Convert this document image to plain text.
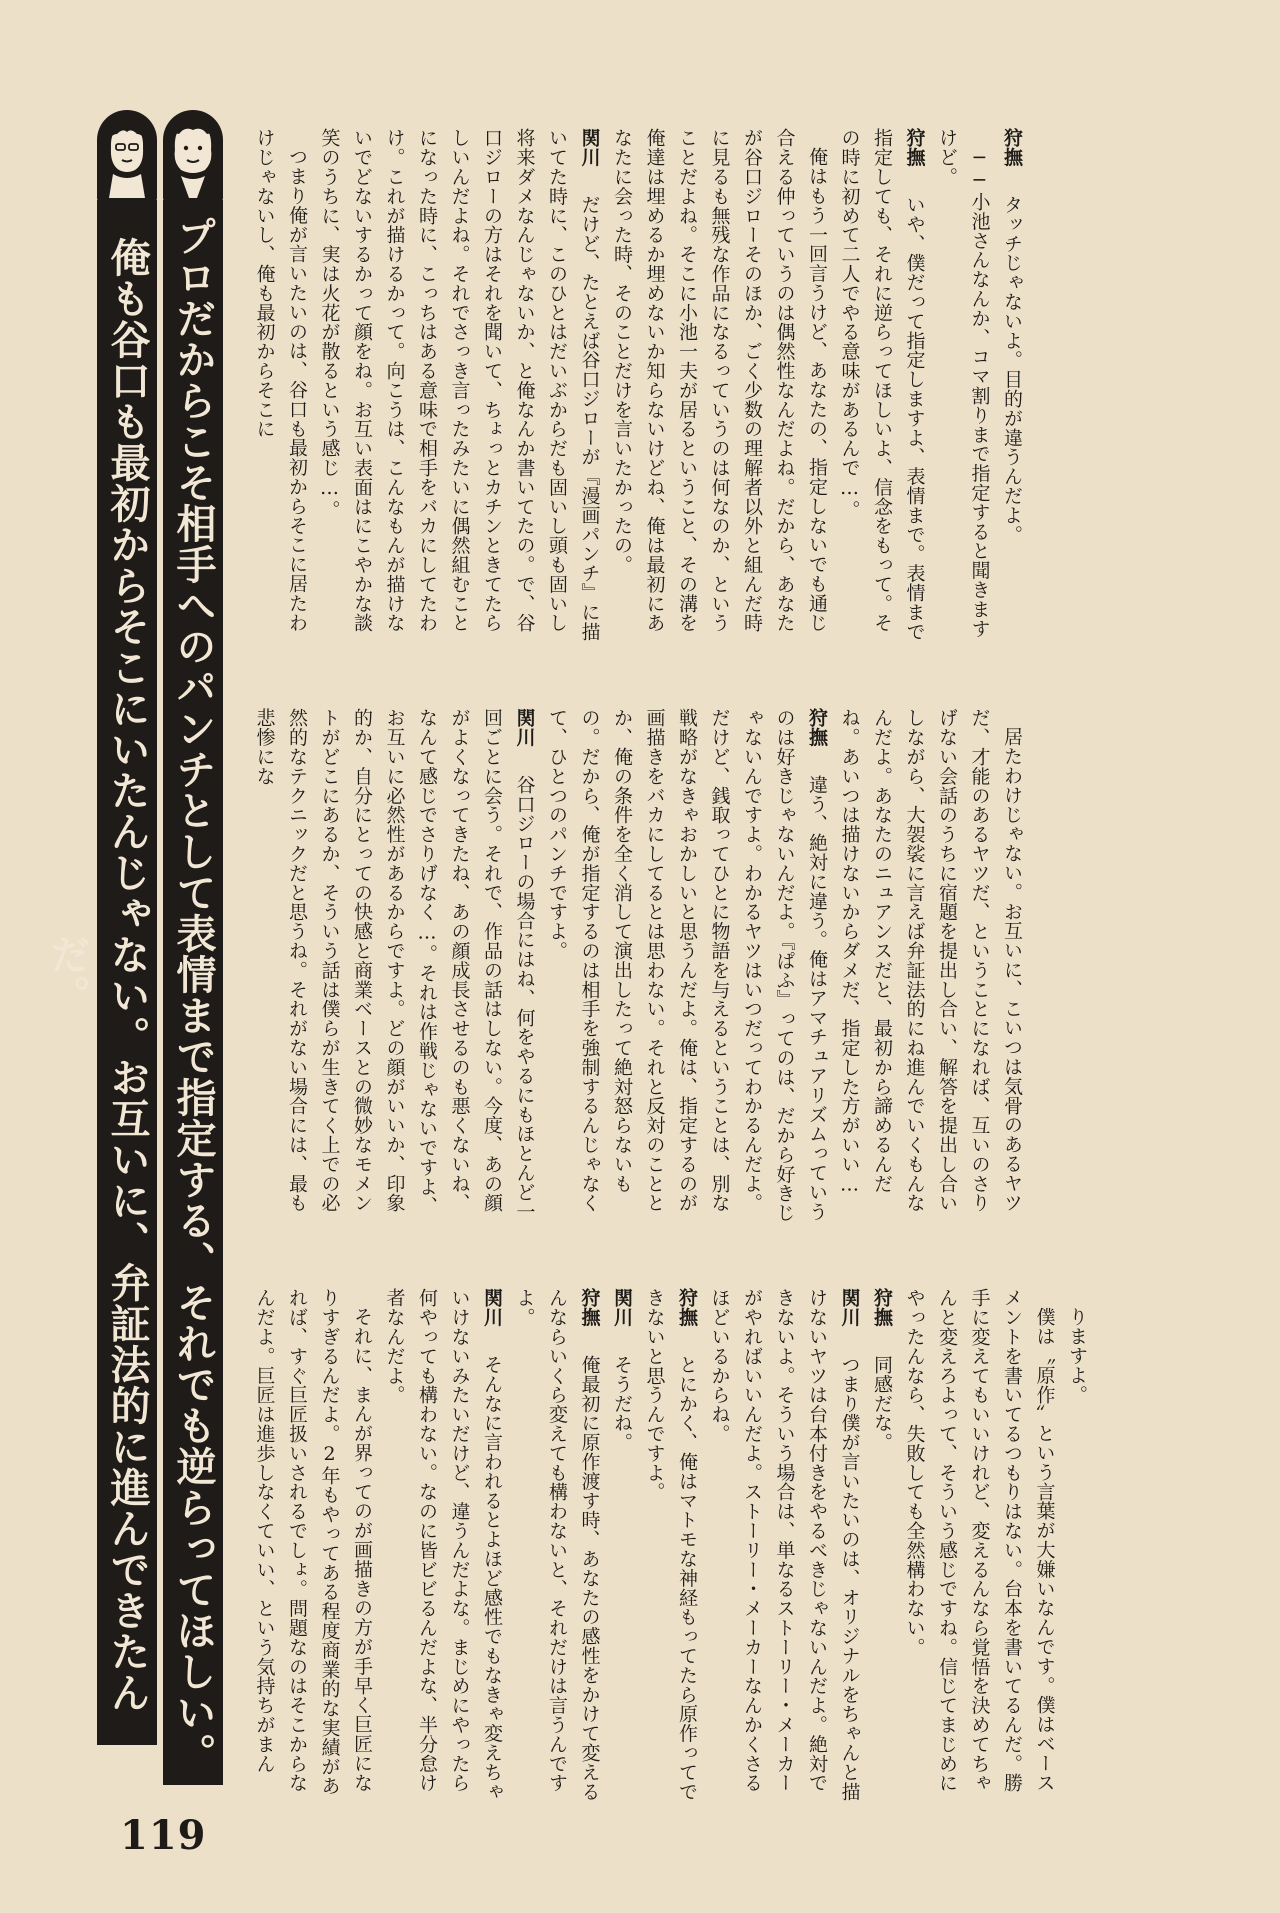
狩撫　タッチじゃないよ。目的が違うんだよ。

──小池さんなんか、コマ割りまで指定すると聞きますけど。

狩撫　いや、僕だって指定しますよ、表情まで。表情まで指定しても、それに逆らってほしいよ、信念をもって。その時に初めて二人でやる意味があるんで…。

俺はもう一回言うけど、あなたの、指定しないでも通じ合える仲っていうのは偶然性なんだよね。だから、あなたが谷口ジローそのほか、ごく少数の理解者以外と組んだ時に見るも無残な作品になるっていうのは何なのか、ということだよね。そこに小池一夫が居るということ、その溝を俺達は埋めるか埋めないか知らないけどね、俺は最初にあなたに会った時、そのことだけを言いたかったの。

関川　だけど、たとえば谷口ジローが『漫画パンチ』に描いてた時に、このひとはだいぶからだも固いし頭も固いし将来ダメなんじゃないか、と俺なんか書いてたの。で、谷口ジローの方はそれを聞いて、ちょっとカチンときてたらしいんだよね。それでさっき言ったみたいに偶然組むことになった時に、こっちはある意味で相手をバカにしてたわけ。これが描けるかって。向こうは、こんなもんが描けないでどないするかって顔をね。お互い表面はにこやかな談笑のうちに、実は火花が散るという感じ…。

つまり俺が言いたいのは、谷口も最初からそこに居たわけじゃないし、俺も最初からそこに

居たわけじゃない。お互いに、こいつは気骨のあるヤツだ、才能のあるヤツだ、ということになれば、互いのさりげない会話のうちに宿題を提出し合い、解答を提出し合いしながら、大袈裟に言えば弁証法的にね進んでいくもんなんだよ。あなたのニュアンスだと、最初から諦めるんだね。あいつは描けないからダメだ、指定した方がいい…

狩撫　違う、絶対に違う。俺はアマチュアリズムっていうのは好きじゃないんだよ。『ぱふ』ってのは、だから好きじゃないんですよ。わかるヤツはいつだってわかるんだよ。だけど、銭取ってひとに物語を与えるということは、別な戦略がなきゃおかしいと思うんだよ。俺は、指定するのが画描きをバカにしてるとは思わない。それと反対のこととか、俺の条件を全く消して演出したって絶対怒らないもの。だから、俺が指定するのは相手を強制するんじゃなくて、ひとつのパンチですよ。

関川　谷口ジローの場合にはね、何をやるにもほとんど一回ごとに会う。それで、作品の話はしない。今度、あの顔がよくなってきたね、あの顔成長させるのも悪くないね、なんて感じでさりげなく…。それは作戦じゃないですよ、お互いに必然性があるからですよ。どの顔がいいか、印象的か、自分にとっての快感と商業ベースとの微妙なモメントがどこにあるか、そういう話は僕らが生きてく上での必然的なテクニックだと思うね。それがない場合には、最も悲惨にな

りますよ。

僕は〝原作〟という言葉が大嫌いなんです。僕はベースメントを書いてるつもりはない。台本を書いてるんだ。勝手に変えてもいいけれど、変えるんなら覚悟を決めてちゃんと変えろよって、そういう感じですね。信じてまじめにやったんなら、失敗しても全然構わない。

狩撫　同感だな。

関川　つまり僕が言いたいのは、オリジナルをちゃんと描けないヤツは台本付きをやるべきじゃないんだよ。絶対できないよ。そういう場合は、単なるストーリー・メーカーがやればいいんだよ。ストーリー・メーカーなんかくさるほどいるからね。

狩撫　とにかく、俺はマトモな神経もってたら原作ってできないと思うんですよ。

関川　そうだね。

狩撫　俺最初に原作渡す時、あなたの感性をかけて変えるんならいくら変えても構わないと、それだけは言うんですよ。

関川　そんなに言われるとよほど感性でもなきゃ変えちゃいけないみたいだけど、違うんだよな。まじめにやったら何やっても構わない。なのに皆ビビるんだよな、半分怠け者なんだよ。

それに、まんが界ってのが画描きの方が手早く巨匠になりすぎるんだよ。2年もやってある程度商業的な実績があれば、すぐ巨匠扱いされるでしょ。問題なのはそこからなんだよ。巨匠は進歩しなくていい、という気持ちがまん

プロだからこそ相手へのパンチとして表情まで指定する、それでも逆らってほしい。
俺も谷口も最初からそこにいたんじゃない。お互いに、弁証法的に進んできたんだ。
119
